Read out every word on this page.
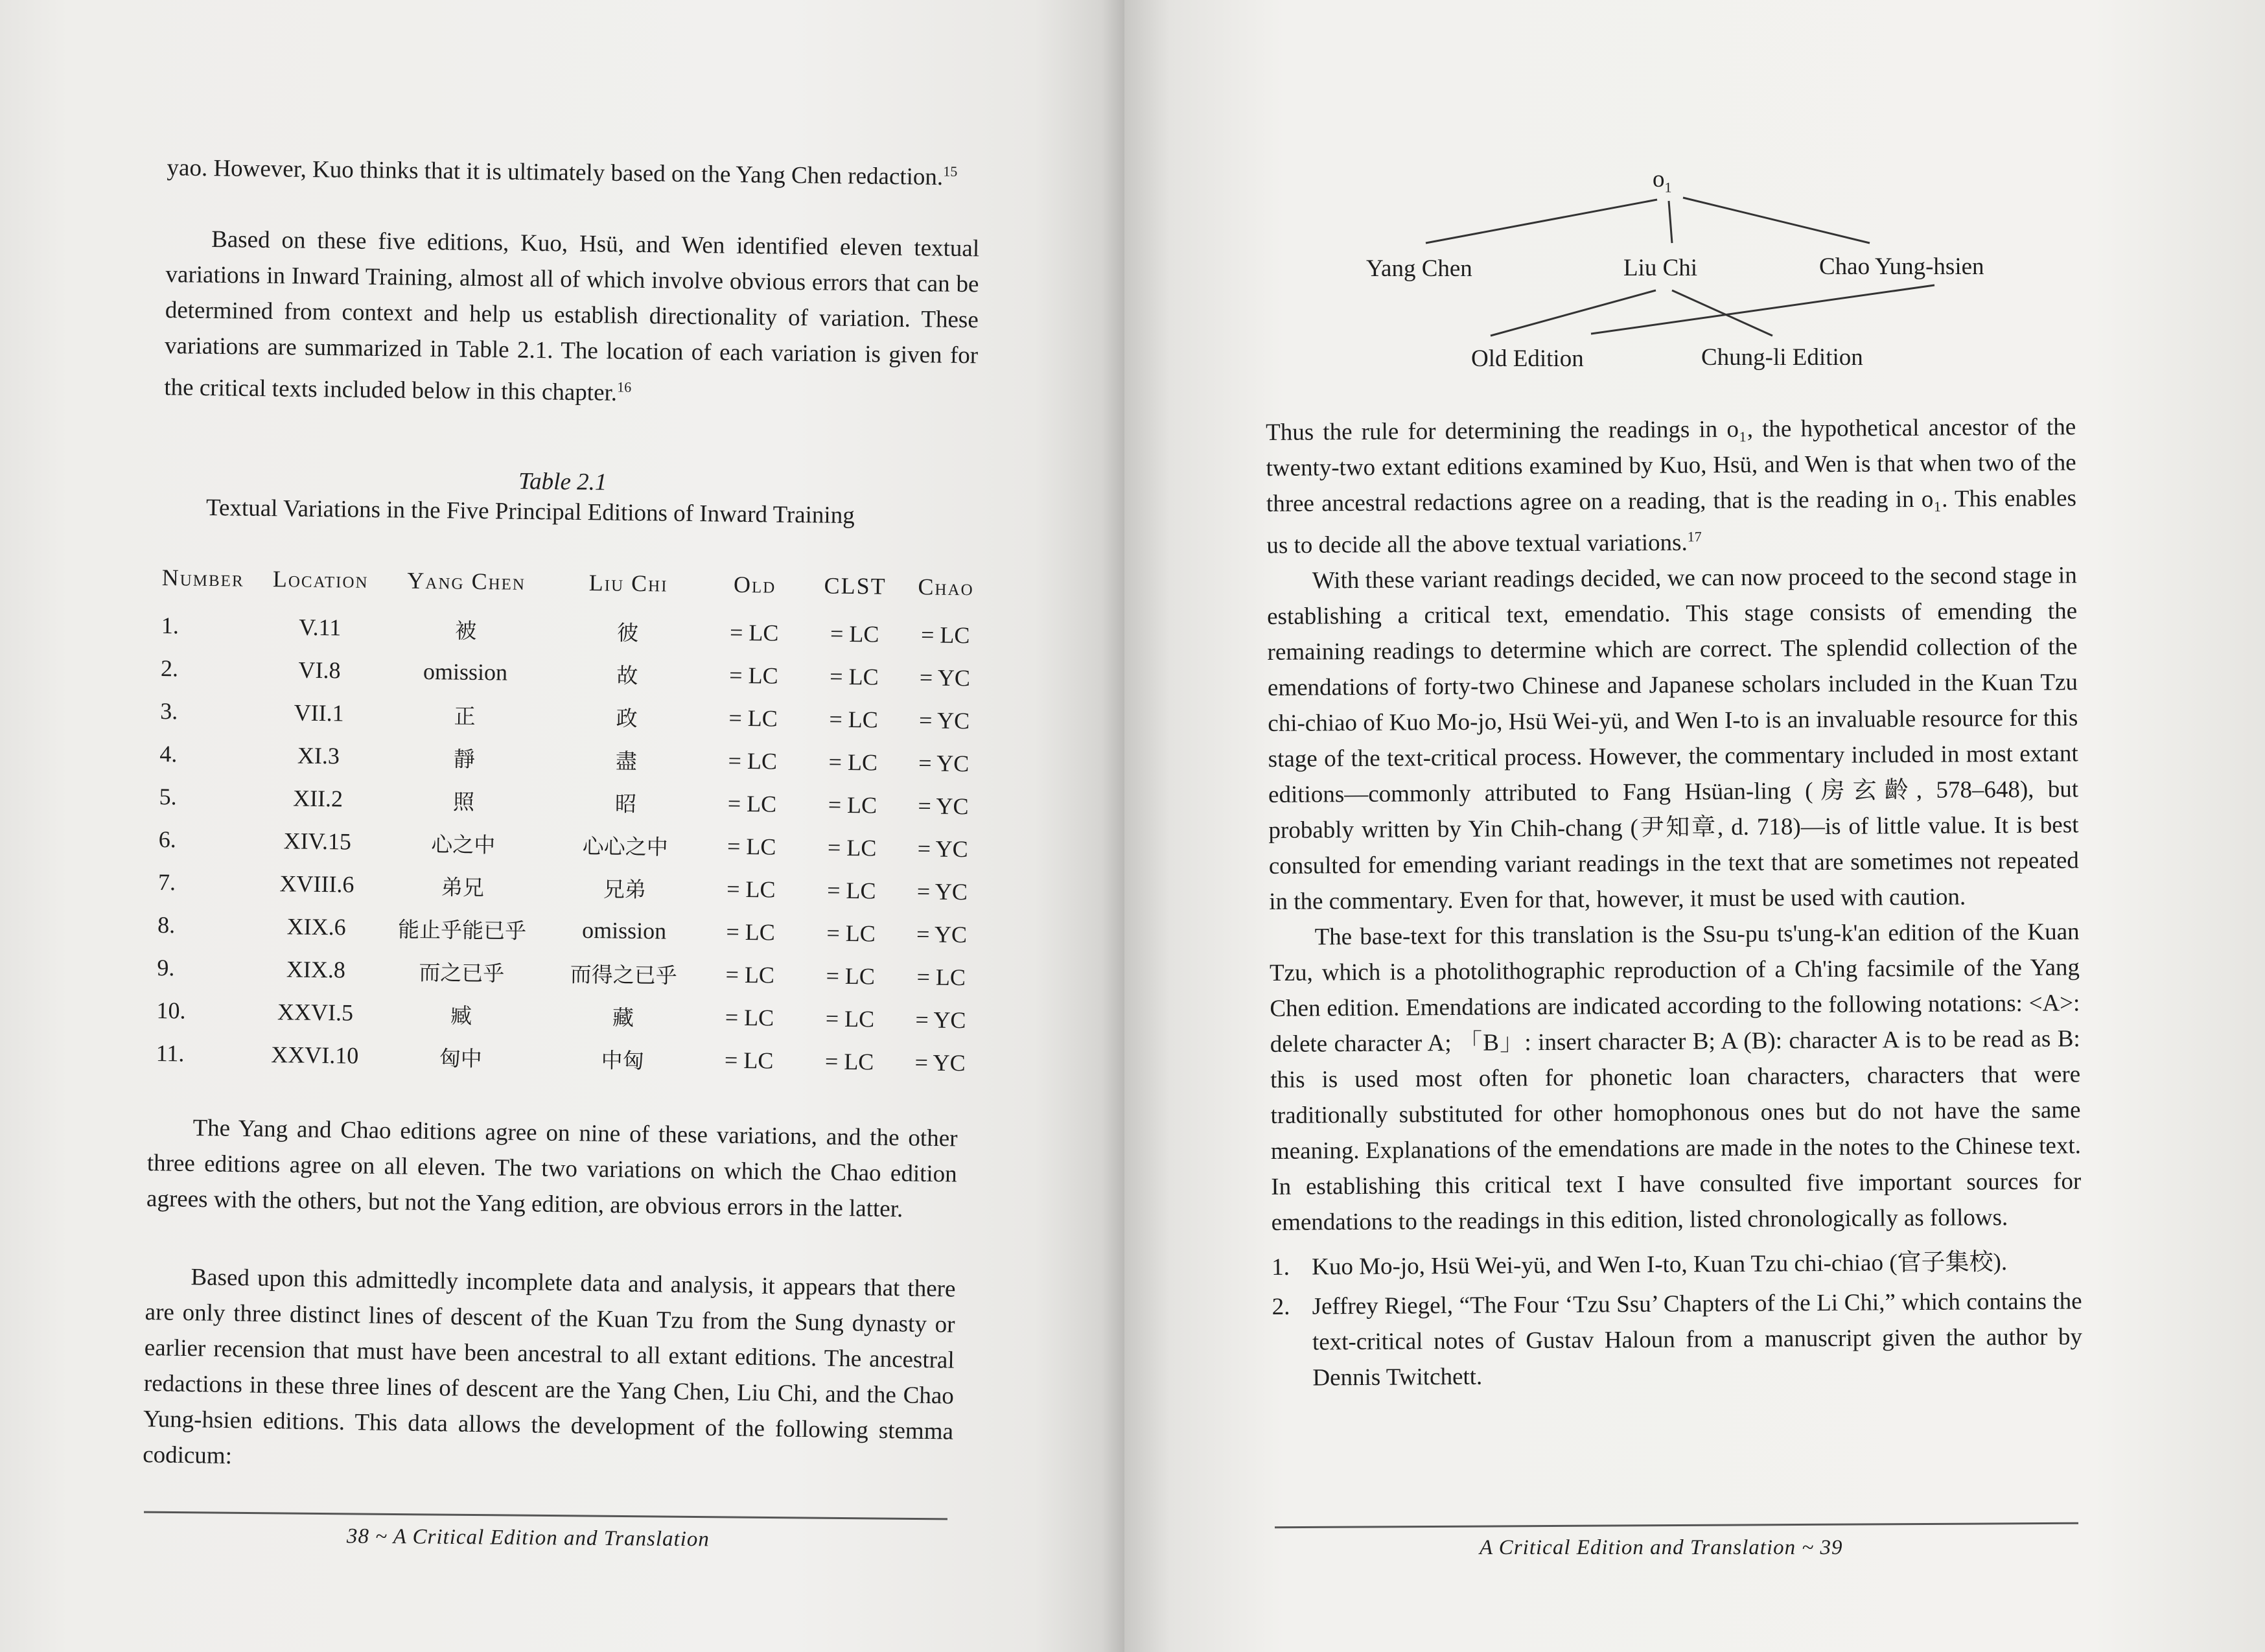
yao. However, Kuo thinks that it is ultimately based on the Yang Chen redaction.$^{15}$

Based on these five editions, Kuo, Hsü, and Wen identified eleven textual variations in Inward Training, almost all of which involve obvious errors that can be determined from context and help us establish directionality of variation. These variations are summarized in Table 2.1. The location of each variation is given for the critical texts included below in this chapter.$^{16}$

Table 2.1
Textual Variations in the Five Principal Editions of Inward Training
Number	Location	Yang Chen	Liu Chi	Old	CLST	Chao
1.	V.11	被	彼	= LC	= LC	= LC
2.	VI.8	omission	故	= LC	= LC	= YC
3.	VII.1	正	政	= LC	= LC	= YC
4.	XI.3	靜	盡	= LC	= LC	= YC
5.	XII.2	照	昭	= LC	= LC	= YC
6.	XIV.15	心之中	心心之中	= LC	= LC	= YC
7.	XVIII.6	弟兄	兄弟	= LC	= LC	= YC
8.	XIX.6	能止乎能已乎	omission	= LC	= LC	= YC
9.	XIX.8	而之已乎	而得之已乎	= LC	= LC	= LC
10.	XXVI.5	臧	藏	= LC	= LC	= YC
11.	XXVI.10	匈中	中匈	= LC	= LC	= YC
The Yang and Chao editions agree on nine of these variations, and the other three editions agree on all eleven. The two variations on which the Chao edition agrees with the others, but not the Yang edition, are obvious errors in the latter.

Based upon this admittedly incomplete data and analysis, it appears that there are only three distinct lines of descent of the Kuan Tzu from the Sung dynasty or earlier recension that must have been ancestral to all extant editions. The ancestral redactions in these three lines of descent are the Yang Chen, Liu Chi, and the Chao Yung-hsien editions. This data allows the development of the following stemma codicum:

38 ~ A Critical Edition and Translation
$o_1$
Yang Chen	Liu Chi	Chao Yung-hsien
Old Edition	Chung-li Edition

Thus the rule for determining the readings in o₁, the hypothetical ancestor of the twenty-two extant editions examined by Kuo, Hsü, and Wen is that when two of the three ancestral redactions agree on a reading, that is the reading in o₁. This enables us to decide all the above textual variations.$^{17}$

With these variant readings decided, we can now proceed to the second stage in establishing a critical text, emendatio. This stage consists of emending the remaining readings to determine which are correct. The splendid collection of the emendations of forty-two Chinese and Japanese scholars included in the Kuan Tzu chi-chiao of Kuo Mo-jo, Hsü Wei-yü, and Wen I-to is an invaluable resource for this stage of the text-critical process. However, the commentary included in most extant editions—commonly attributed to Fang Hsüan-ling (房玄齡, 578–648), but probably written by Yin Chih-chang (尹知章, d. 718)—is of little value. It is best consulted for emending variant readings in the text that are sometimes not repeated in the commentary. Even for that, however, it must be used with caution.

The base-text for this translation is the Ssu-pu ts'ung-k'an edition of the Kuan Tzu, which is a photolithographic reproduction of a Ch'ing facsimile of the Yang Chen edition. Emendations are indicated according to the following notations: <A>: delete character A; 「B」: insert character B; A (B): character A is to be read as B: this is used most often for phonetic loan characters, characters that were traditionally substituted for other homophonous ones but do not have the same meaning. Explanations of the emendations are made in the notes to the Chinese text. In establishing this critical text I have consulted five important sources for emendations to the readings in this edition, listed chronologically as follows.

1. Kuo Mo-jo, Hsü Wei-yü, and Wen I-to, Kuan Tzu chi-chiao (官子集校).
2. Jeffrey Riegel, “The Four ‘Tzu Ssu’ Chapters of the Li Chi,” which contains the text-critical notes of Gustav Haloun from a manuscript given the author by Dennis Twitchett.
A Critical Edition and Translation ~ 39
